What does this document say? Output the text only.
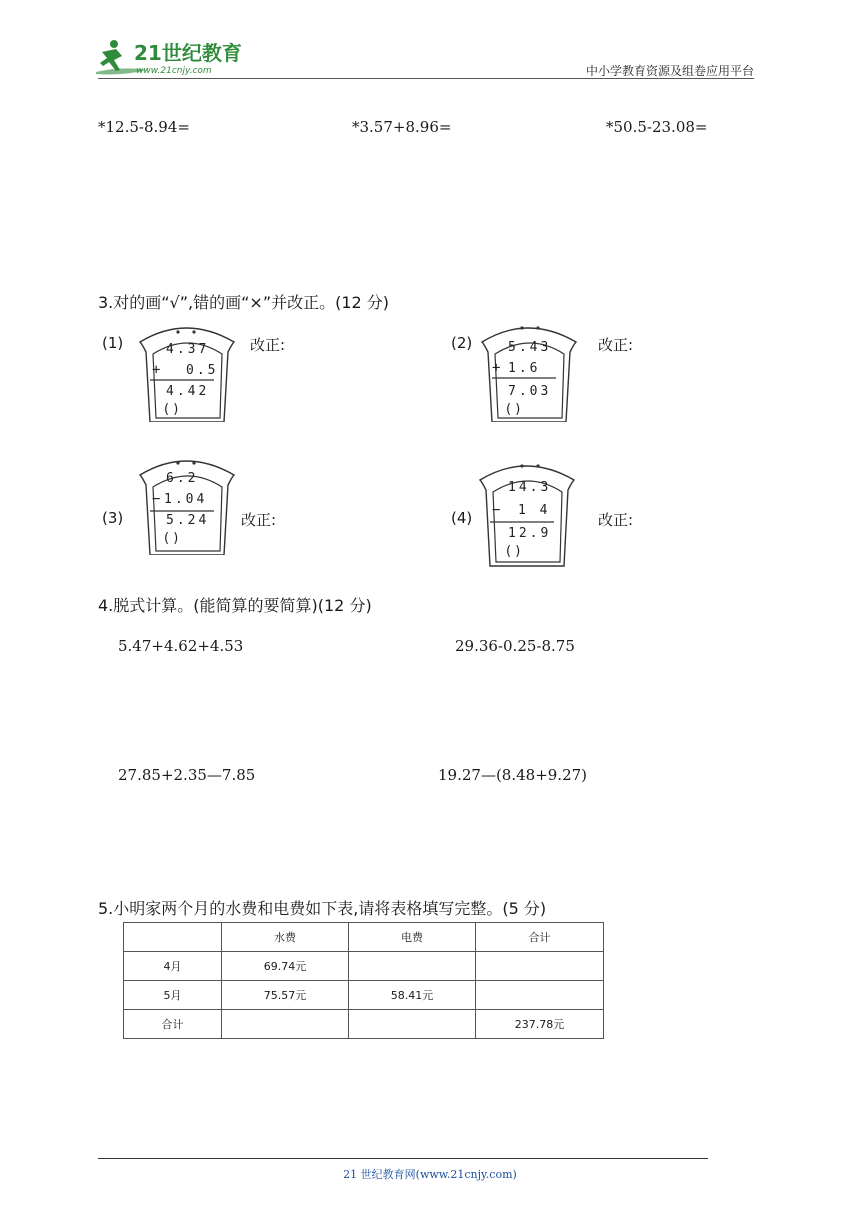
21世纪教育
www.21cnjy.com	中小学教育资源及组卷应用平台
*12.5-8.94=	*3.57+8.96=	*50.5-23.08=
3.对的画“√”,错的画“×”并改正。(12 分)
(1)	4.37
+ 0.5
4.42
( )
改正:	(2)	5.43
+ 1.6
7.03
( )
改正:
(3)
6.2
− 1.04
5.24
( )
改正:	(4)
14.3
− 1 4
12.9
( )
改正:
4.脱式计算。(能简算的要简算)(12 分)
5.47+4.62+4.53	29.36-0.25-8.75
27.85+2.35—7.85	19.27—(8.48+9.27)
5.小明家两个月的水费和电费如下表,请将表格填写完整。(5 分)
	水费	电费	合计
4月	69.74元		
5月	75.57元	58.41元	
合计			237.78元
21 世纪教育网(www.21cnjy.com)
